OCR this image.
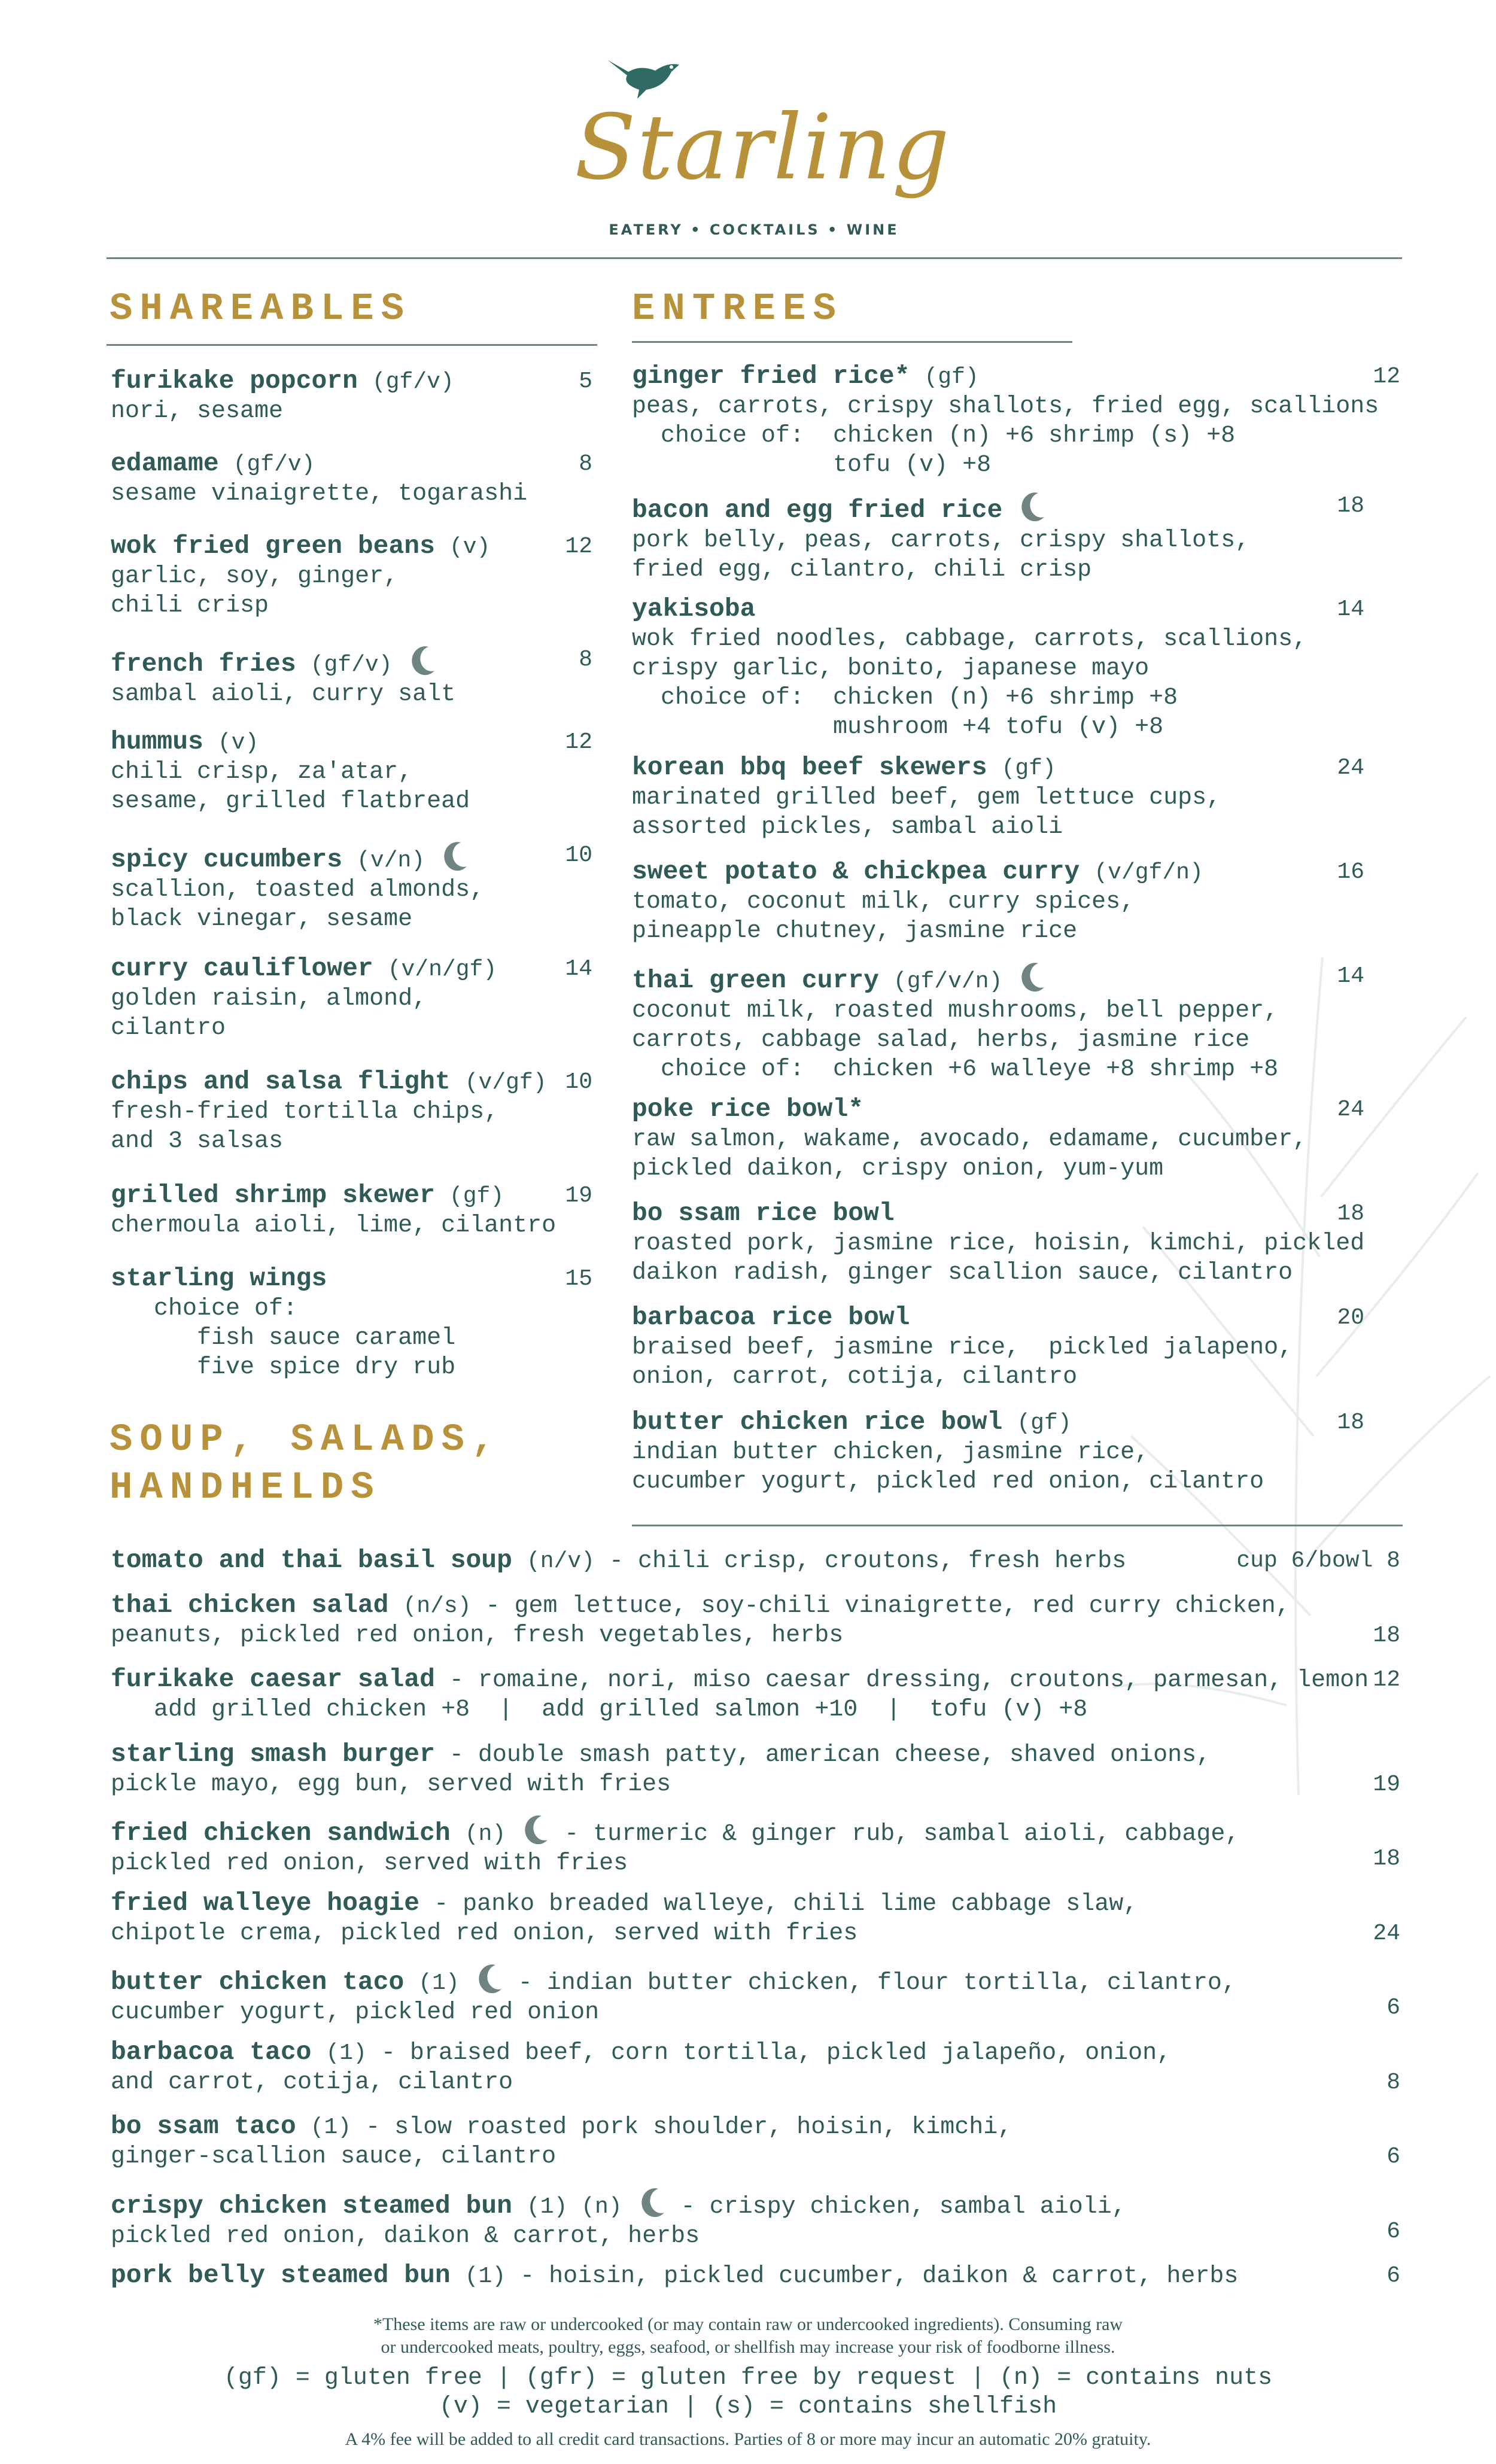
Starling
EATERY • COCKTAILS • WINE
SHAREABLES
furikake popcorn (gf/v)
nori, sesame
5
edamame (gf/v)
sesame vinaigrette, togarashi
8
wok fried green beans (v)
garlic, soy, ginger,
chili crisp
12
french fries (gf/v)
sambal aioli, curry salt
8
hummus (v)
chili crisp, za'atar,
sesame, grilled flatbread
12
spicy cucumbers (v/n)
scallion, toasted almonds,
black vinegar, sesame
10
curry cauliflower (v/n/gf)
golden raisin, almond,
cilantro
14
chips and salsa flight (v/gf)
fresh-fried tortilla chips,
and 3 salsas
10
grilled shrimp skewer (gf)
chermoula aioli, lime, cilantro
19
starling wings
choice of:
fish sauce caramel
five spice dry rub
15
SOUP, SALADS,
HANDHELDS
ENTREES
ginger fried rice* (gf)
peas, carrots, crispy shallots, fried egg, scallions
choice of:  chicken (n) +6 shrimp (s) +8
tofu (v) +8
12
bacon and egg fried rice
pork belly, peas, carrots, crispy shallots,
fried egg, cilantro, chili crisp
18
yakisoba
wok fried noodles, cabbage, carrots, scallions,
crispy garlic, bonito, japanese mayo
choice of:  chicken (n) +6 shrimp +8
mushroom +4 tofu (v) +8
14
korean bbq beef skewers (gf)
marinated grilled beef, gem lettuce cups,
assorted pickles, sambal aioli
24
sweet potato & chickpea curry (v/gf/n)
tomato, coconut milk, curry spices,
pineapple chutney, jasmine rice
16
thai green curry (gf/v/n)
coconut milk, roasted mushrooms, bell pepper,
carrots, cabbage salad, herbs, jasmine rice
choice of:  chicken +6 walleye +8 shrimp +8
14
poke rice bowl*
raw salmon, wakame, avocado, edamame, cucumber,
pickled daikon, crispy onion, yum-yum
24
bo ssam rice bowl
roasted pork, jasmine rice, hoisin, kimchi, pickled
daikon radish, ginger scallion sauce, cilantro
18
barbacoa rice bowl
braised beef, jasmine rice,  pickled jalapeno,
onion, carrot, cotija, cilantro
20
butter chicken rice bowl (gf)
indian butter chicken, jasmine rice,
cucumber yogurt, pickled red onion, cilantro
18
tomato and thai basil soup (n/v) - chili crisp, croutons, fresh herbs	cup 6/bowl 8
thai chicken salad (n/s) - gem lettuce, soy-chili vinaigrette, red curry chicken,
peanuts, pickled red onion, fresh vegetables, herbs	18
furikake caesar salad - romaine, nori, miso caesar dressing, croutons, parmesan, lemon
add grilled chicken +8  |  add grilled salmon +10  |  tofu (v) +8
12
starling smash burger - double smash patty, american cheese, shaved onions,
pickle mayo, egg bun, served with fries	19
fried chicken sandwich (n)  - turmeric & ginger rub, sambal aioli, cabbage,
pickled red onion, served with fries	18
fried walleye hoagie - panko breaded walleye, chili lime cabbage slaw,
chipotle crema, pickled red onion, served with fries	24
butter chicken taco (1)  - indian butter chicken, flour tortilla, cilantro,
cucumber yogurt, pickled red onion	6
barbacoa taco (1) - braised beef, corn tortilla, pickled jalapeño, onion,
and carrot, cotija, cilantro	8
bo ssam taco (1) - slow roasted pork shoulder, hoisin, kimchi,
ginger-scallion sauce, cilantro	6
crispy chicken steamed bun (1) (n)  - crispy chicken, sambal aioli,
pickled red onion, daikon & carrot, herbs	6
pork belly steamed bun (1) - hoisin, pickled cucumber, daikon & carrot, herbs	6
*These items are raw or undercooked (or may contain raw or undercooked ingredients). Consuming raw
or undercooked meats, poultry, eggs, seafood, or shellfish may increase your risk of foodborne illness.
(gf) = gluten free | (gfr) = gluten free by request | (n) = contains nuts
(v) = vegetarian | (s) = contains shellfish
A 4% fee will be added to all credit card transactions. Parties of 8 or more may incur an automatic 20% gratuity.
